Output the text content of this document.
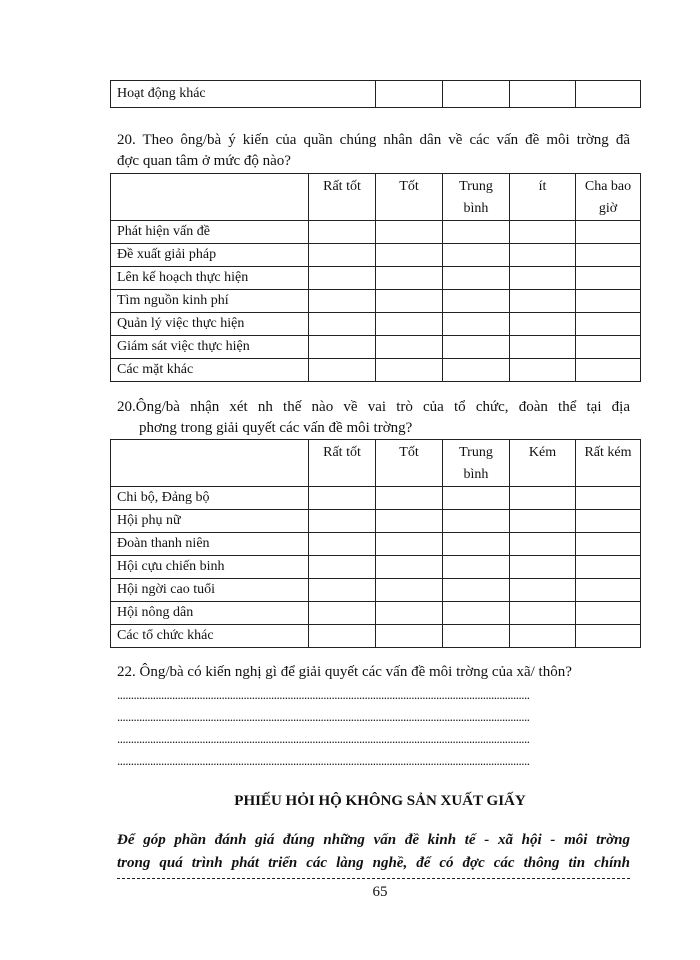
Hoạt động khác				
20. Theo ông/bà ý kiến của quần chúng nhân dân về các vấn đề môi trờng đã
đợc quan tâm ở mức độ nào?
	Rất tốt	Tốt	Trung bình	ít	Cha bao giờ
Phát hiện vấn đề					
Đề xuất giải pháp					
Lên kế hoạch thực hiện					
Tìm nguồn kinh phí					
Quản lý việc thực hiện					
Giám sát việc thực hiện					
Các mặt khác					
20.Ông/bà nhận xét nh thế nào về vai trò của tổ chức, đoàn thể tại địa
phơng trong giải quyết các vấn đề môi trờng?
	Rất tốt	Tốt	Trung bình	Kém	Rất kém
Chi bộ, Đảng bộ					
Hội phụ nữ					
Đoàn thanh niên					
Hội cựu chiến binh					
Hội ngời cao tuổi					
Hội nông dân					
Các tổ chức khác					
22. Ông/bà có kiến nghị gì để giải quyết các vấn đề môi trờng của xã/ thôn?
......................................................................................................................................................
......................................................................................................................................................
......................................................................................................................................................
......................................................................................................................................................
PHIẾU HỎI HỘ KHÔNG SẢN XUẤT GIẤY
Để góp phần đánh giá đúng những vấn đề kinh tế - xã hội - môi trờng
trong quá trình phát triển các làng nghề, để có đợc các thông tin chính
65
